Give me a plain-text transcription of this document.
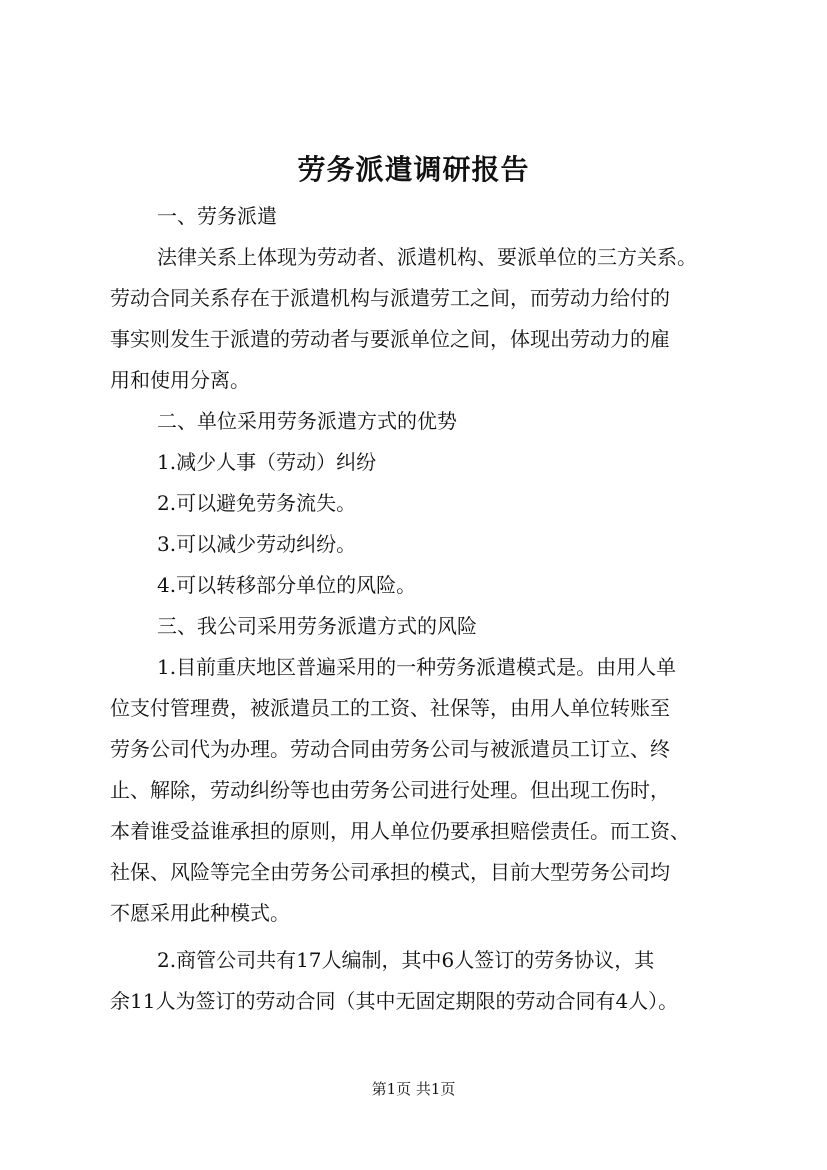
劳务派遣调研报告
一、劳务派遣
法律关系上体现为劳动者、派遣机构、要派单位的三方关系。
劳动合同关系存在于派遣机构与派遣劳工之间，而劳动力给付的
事实则发生于派遣的劳动者与要派单位之间，体现出劳动力的雇
用和使用分离。
二、单位采用劳务派遣方式的优势
1.减少人事（劳动）纠纷
2.可以避免劳务流失。
3.可以减少劳动纠纷。
4.可以转移部分单位的风险。
三、我公司采用劳务派遣方式的风险
1.目前重庆地区普遍采用的一种劳务派遣模式是。由用人单
位支付管理费，被派遣员工的工资、社保等，由用人单位转账至
劳务公司代为办理。劳动合同由劳务公司与被派遣员工订立、终
止、解除，劳动纠纷等也由劳务公司进行处理。但出现工伤时，
本着谁受益谁承担的原则，用人单位仍要承担赔偿责任。而工资、
社保、风险等完全由劳务公司承担的模式，目前大型劳务公司均
不愿采用此种模式。
2.商管公司共有17人编制，其中6人签订的劳务协议，其
余11人为签订的劳动合同（其中无固定期限的劳动合同有4人）。
第1页 共1页
